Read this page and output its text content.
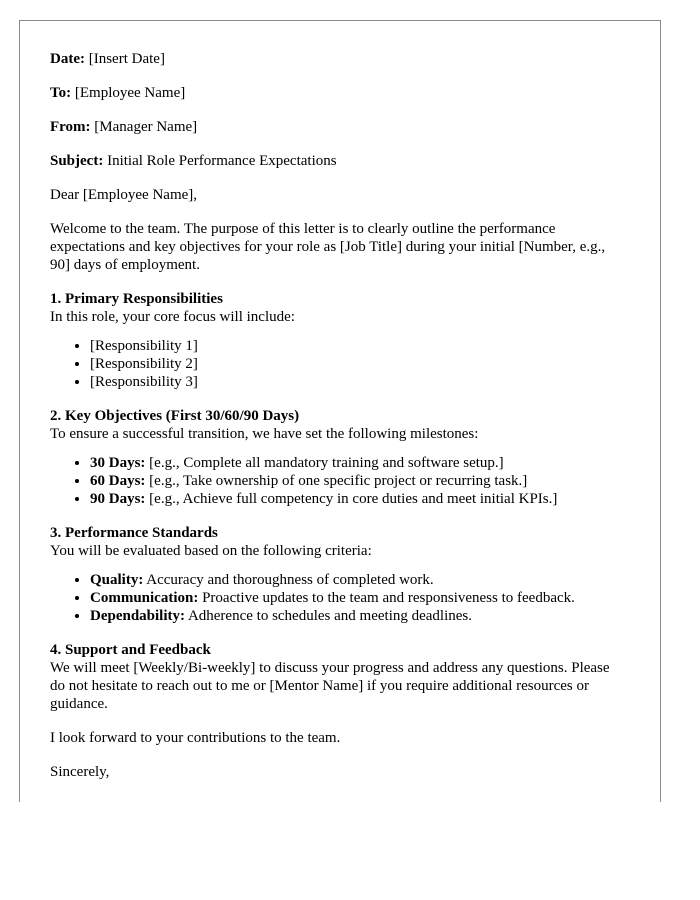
Date: [Insert Date]

To: [Employee Name]

From: [Manager Name]

Subject: Initial Role Performance Expectations

Dear [Employee Name],

Welcome to the team. The purpose of this letter is to clearly outline the performance expectations and key objectives for your role as [Job Title] during your initial [Number, e.g., 90] days of employment.

1. Primary Responsibilities

In this role, your core focus will include:

• [Responsibility 1]
• [Responsibility 2]
• [Responsibility 3]

2. Key Objectives (First 30/60/90 Days)

To ensure a successful transition, we have set the following milestones:

• 30 Days: [e.g., Complete all mandatory training and software setup.]
• 60 Days: [e.g., Take ownership of one specific project or recurring task.]
• 90 Days: [e.g., Achieve full competency in core duties and meet initial KPIs.]

3. Performance Standards

You will be evaluated based on the following criteria:

• Quality: Accuracy and thoroughness of completed work.
• Communication: Proactive updates to the team and responsiveness to feedback.
• Dependability: Adherence to schedules and meeting deadlines.

4. Support and Feedback

We will meet [Weekly/Bi-weekly] to discuss your progress and address any questions. Please do not hesitate to reach out to me or [Mentor Name] if you require additional resources or guidance.

I look forward to your contributions to the team.

Sincerely,
